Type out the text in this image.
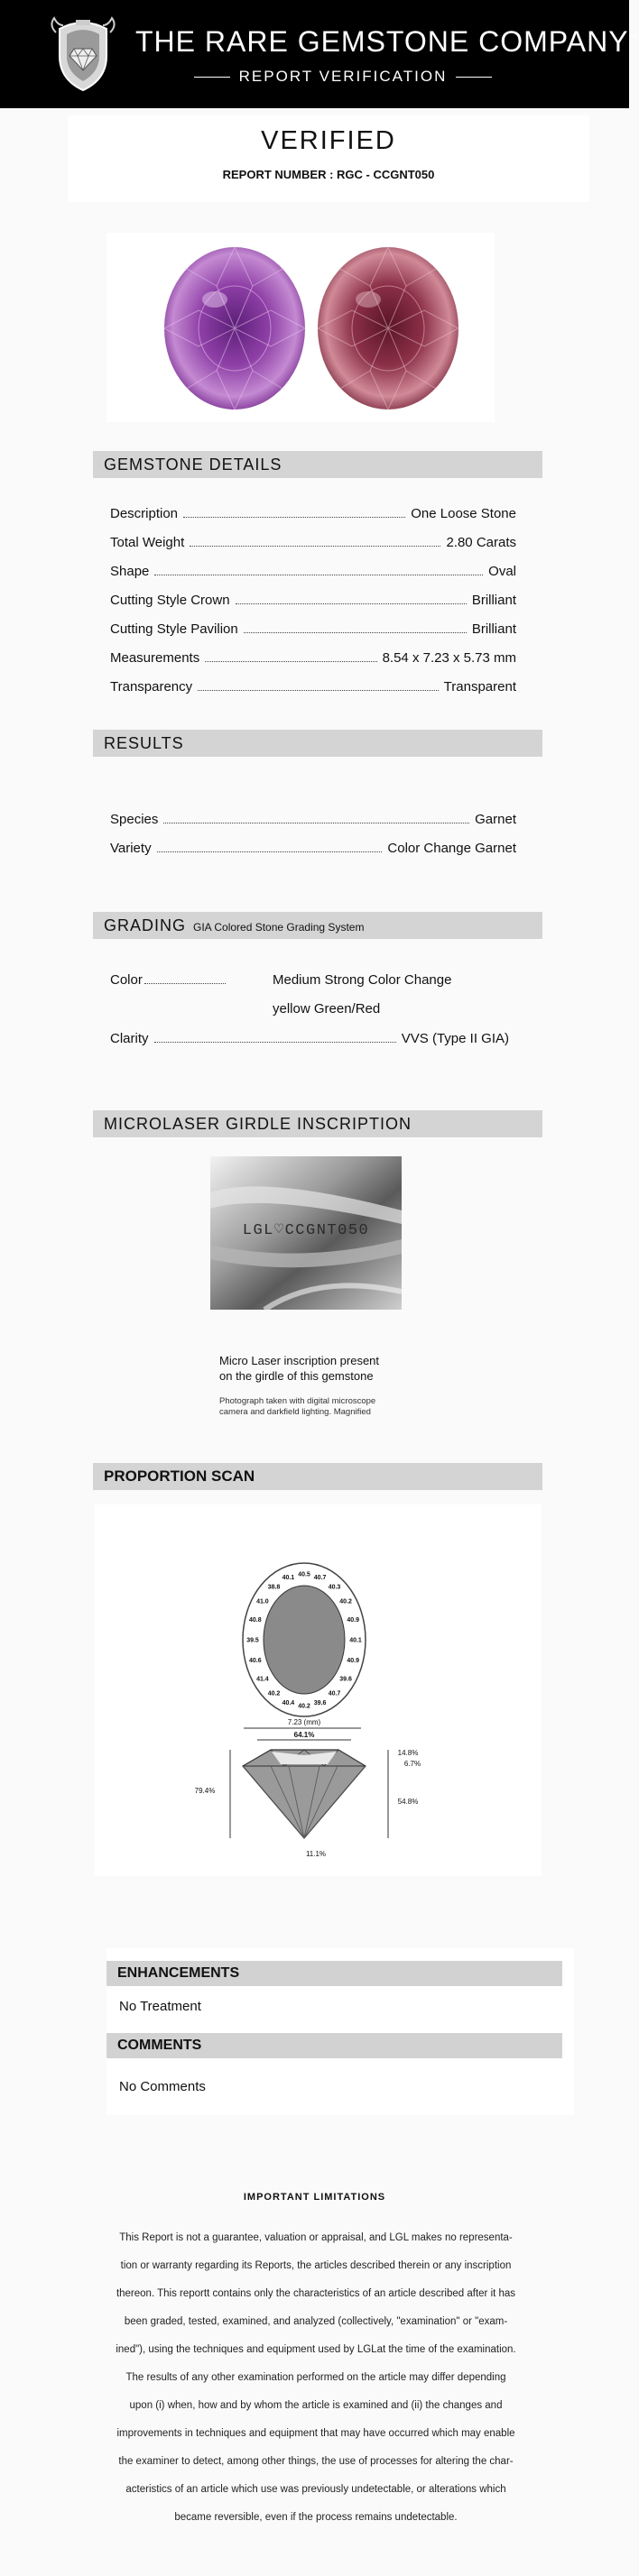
THE RARE GEMSTONE COMPANY™
REPORT VERIFICATION
VERIFIED
REPORT NUMBER : RGC - CCGNT050
GEMSTONE DETAILS
Description	One Loose Stone
Total Weight	2.80 Carats
Shape	Oval
Cutting Style Crown	Brilliant
Cutting Style Pavilion	Brilliant
Measurements	8.54 x 7.23 x 5.73 mm
Transparency	Transparent
RESULTS
Species	Garnet
Variety	Color Change Garnet
GRADING GIA Colored Stone Grading System
Color	Medium Strong Color Change
yellow Green/Red
Clarity	VVS (Type II GIA)
MICROLASER GIRDLE INSCRIPTION
LGL♡CCGNT050
Micro Laser inscription present
on the girdle of this gemstone
Photograph taken with digital microscope
camera and darkfield lighting. Magnified
PROPORTION SCAN
40.5
40.7
40.3
40.2
40.9
40.1
40.9
39.6
40.7
39.6
40.2
40.4
40.2
41.4
40.6
39.5
40.8
41.0
38.8
40.1
7.23 (mm)
64.1%
79.4%
14.8%
6.7%
54.8%
11.1%
ENHANCEMENTS
No Treatment
COMMENTS
No Comments
IMPORTANT LIMITATIONS
This Report is not a guarantee, valuation or appraisal, and LGL makes no representa-
tion or warranty regarding its Reports, the articles described therein or any inscription
thereon. This reportt contains only the characteristics of an article described after it has
been graded, tested, examined, and analyzed (collectively, "examination" or "exam-
ined"), using the techniques and equipment used by LGLat the time of the examination.
The results of any other examination performed on the article may differ depending
upon (i) when, how and by whom the article is examined and (ii) the changes and
improvements in techniques and equipment that may have occurred which may enable
the examiner to detect, among other things, the use of processes for altering the char-
acteristics of an article which use was previously undetectable, or alterations which
became reversible, even if the process remains undetectable.
